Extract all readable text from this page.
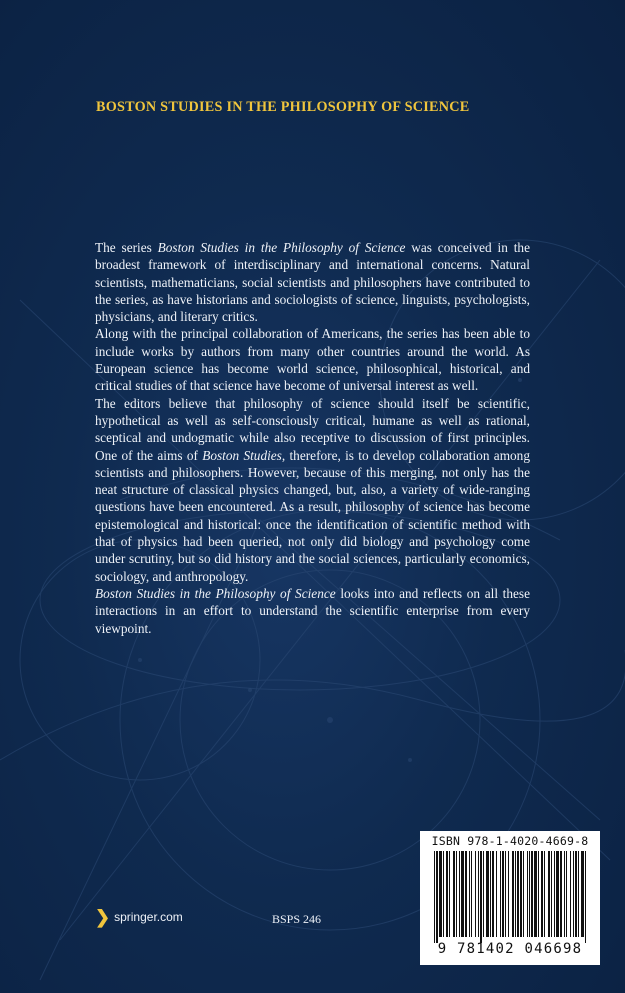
BOSTON STUDIES IN THE PHILOSOPHY OF SCIENCE

The series Boston Studies in the Philosophy of Science was conceived in the broadest framework of interdisciplinary and international concerns. Natural scientists, mathematicians, social scientists and philosophers have contributed to the series, as have historians and sociologists of science, linguists, psychologists, physicians, and literary critics.

Along with the principal collaboration of Americans, the series has been able to include works by authors from many other countries around the world. As European science has become world science, philosophical, historical, and critical studies of that science have become of universal interest as well.

The editors believe that philosophy of science should itself be scientific, hypothetical as well as self-consciously critical, humane as well as rational, sceptical and undogmatic while also receptive to discussion of first principles. One of the aims of Boston Studies, therefore, is to develop collaboration among scientists and philosophers. However, because of this merging, not only has the neat structure of classical physics changed, but, also, a variety of wide-ranging questions have been encountered. As a result, philosophy of science has become epistemological and historical: once the identification of scientific method with that of physics had been queried, not only did biology and psychology come under scrutiny, but so did history and the social sciences, particularly economics, sociology, and anthropology.

Boston Studies in the Philosophy of Science looks into and reflects on all these interactions in an effort to understand the scientific enterprise from every viewpoint.

ISBN 978-1-4020-4669-8
9 781402 046698
❯ springer.com	BSPS 246
